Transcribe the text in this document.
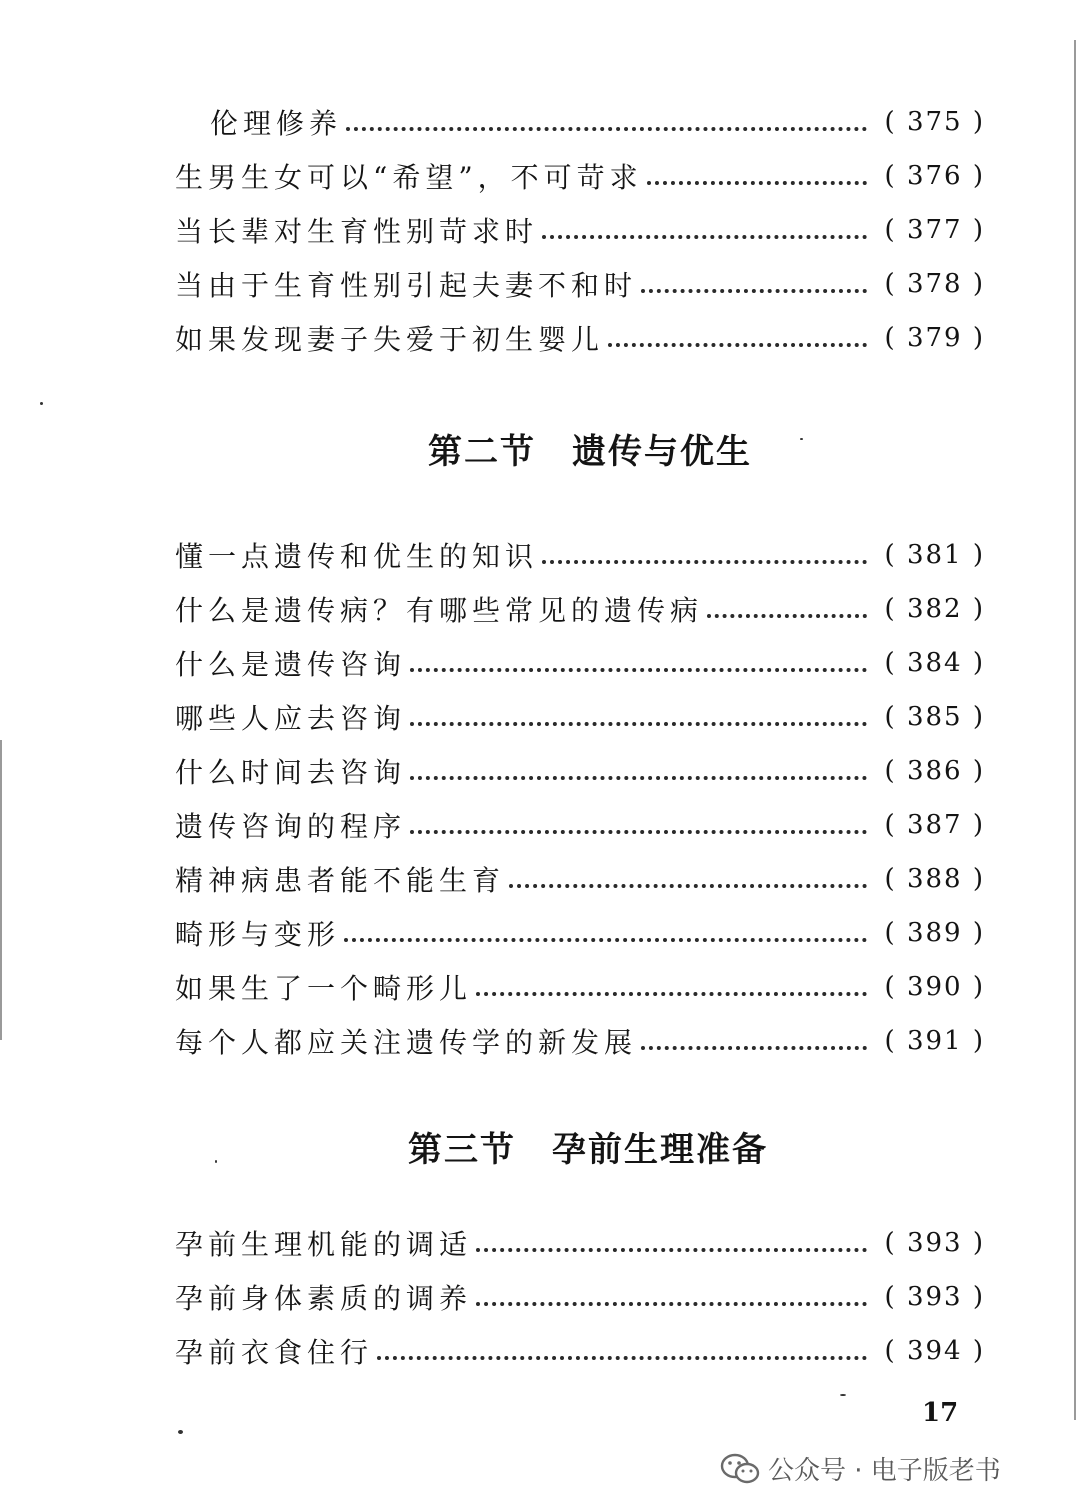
伦理修养	( 375 )
生男生女可以“希望”，不可苛求	( 376 )
当长辈对生育性别苛求时	( 377 )
当由于生育性别引起夫妻不和时	( 378 )
如果发现妻子失爱于初生婴儿	( 379 )
第二节 遗传与优生
懂一点遗传和优生的知识	( 381 )
什么是遗传病？有哪些常见的遗传病	( 382 )
什么是遗传咨询	( 384 )
哪些人应去咨询	( 385 )
什么时间去咨询	( 386 )
遗传咨询的程序	( 387 )
精神病患者能不能生育	( 388 )
畸形与变形	( 389 )
如果生了一个畸形儿	( 390 )
每个人都应关注遗传学的新发展	( 391 )
第三节 孕前生理准备
孕前生理机能的调适	( 393 )
孕前身体素质的调养	( 393 )
孕前衣食住行	( 394 )
17
公众号 · 电子版老书
